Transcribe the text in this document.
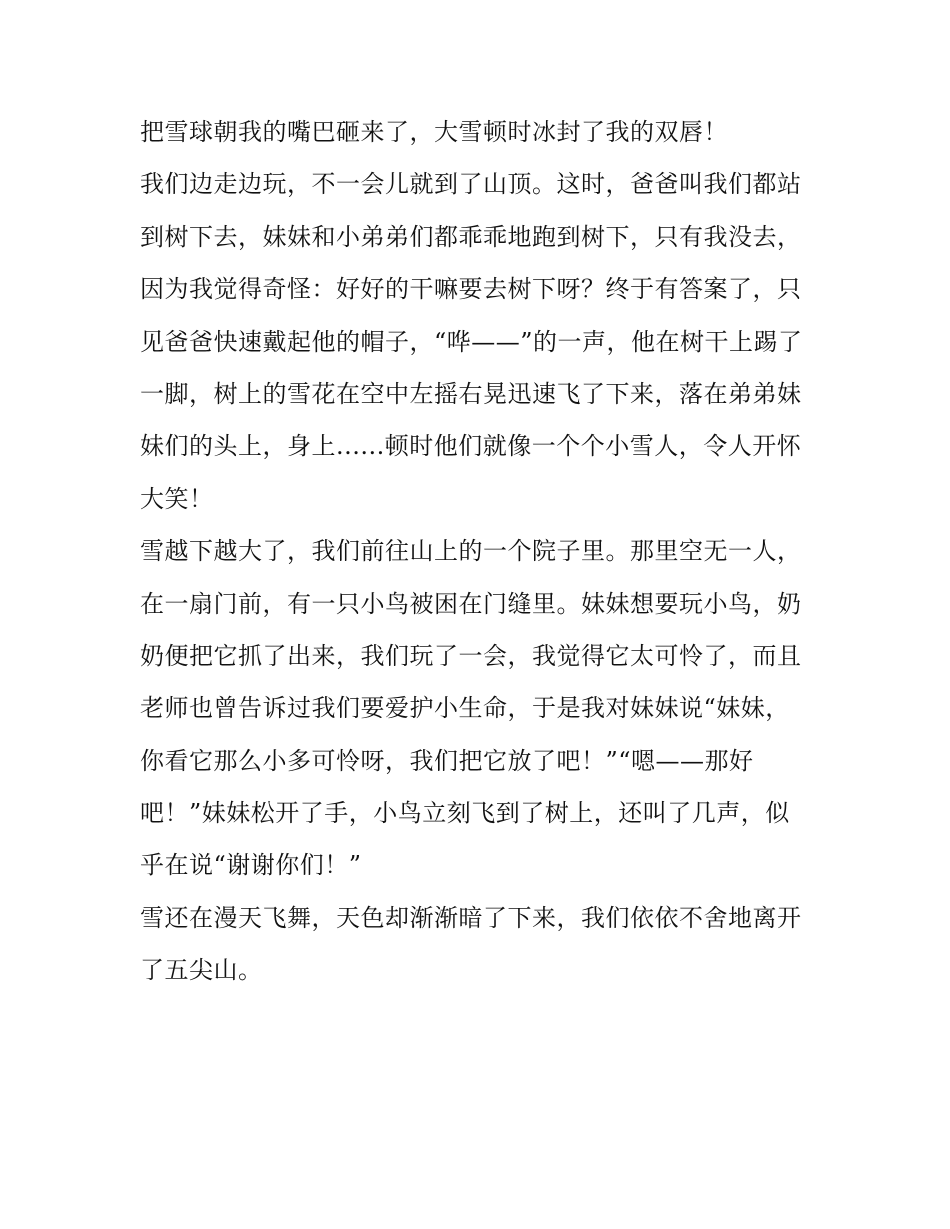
把雪球朝我的嘴巴砸来了，大雪顿时冰封了我的双唇！
我们边走边玩，不一会儿就到了山顶。这时，爸爸叫我们都站
到树下去，妹妹和小弟弟们都乖乖地跑到树下，只有我没去，
因为我觉得奇怪：好好的干嘛要去树下呀？终于有答案了，只
见爸爸快速戴起他的帽子，“哗——”的一声，他在树干上踢了
一脚，树上的雪花在空中左摇右晃迅速飞了下来，落在弟弟妹
妹们的头上，身上......顿时他们就像一个个小雪人，令人开怀
大笑！
雪越下越大了，我们前往山上的一个院子里。那里空无一人，
在一扇门前，有一只小鸟被困在门缝里。妹妹想要玩小鸟，奶
奶便把它抓了出来，我们玩了一会，我觉得它太可怜了，而且
老师也曾告诉过我们要爱护小生命，于是我对妹妹说“妹妹，
你看它那么小多可怜呀，我们把它放了吧！”“嗯——那好
吧！”妹妹松开了手，小鸟立刻飞到了树上，还叫了几声，似
乎在说“谢谢你们！”
雪还在漫天飞舞，天色却渐渐暗了下来，我们依依不舍地离开
了五尖山。
